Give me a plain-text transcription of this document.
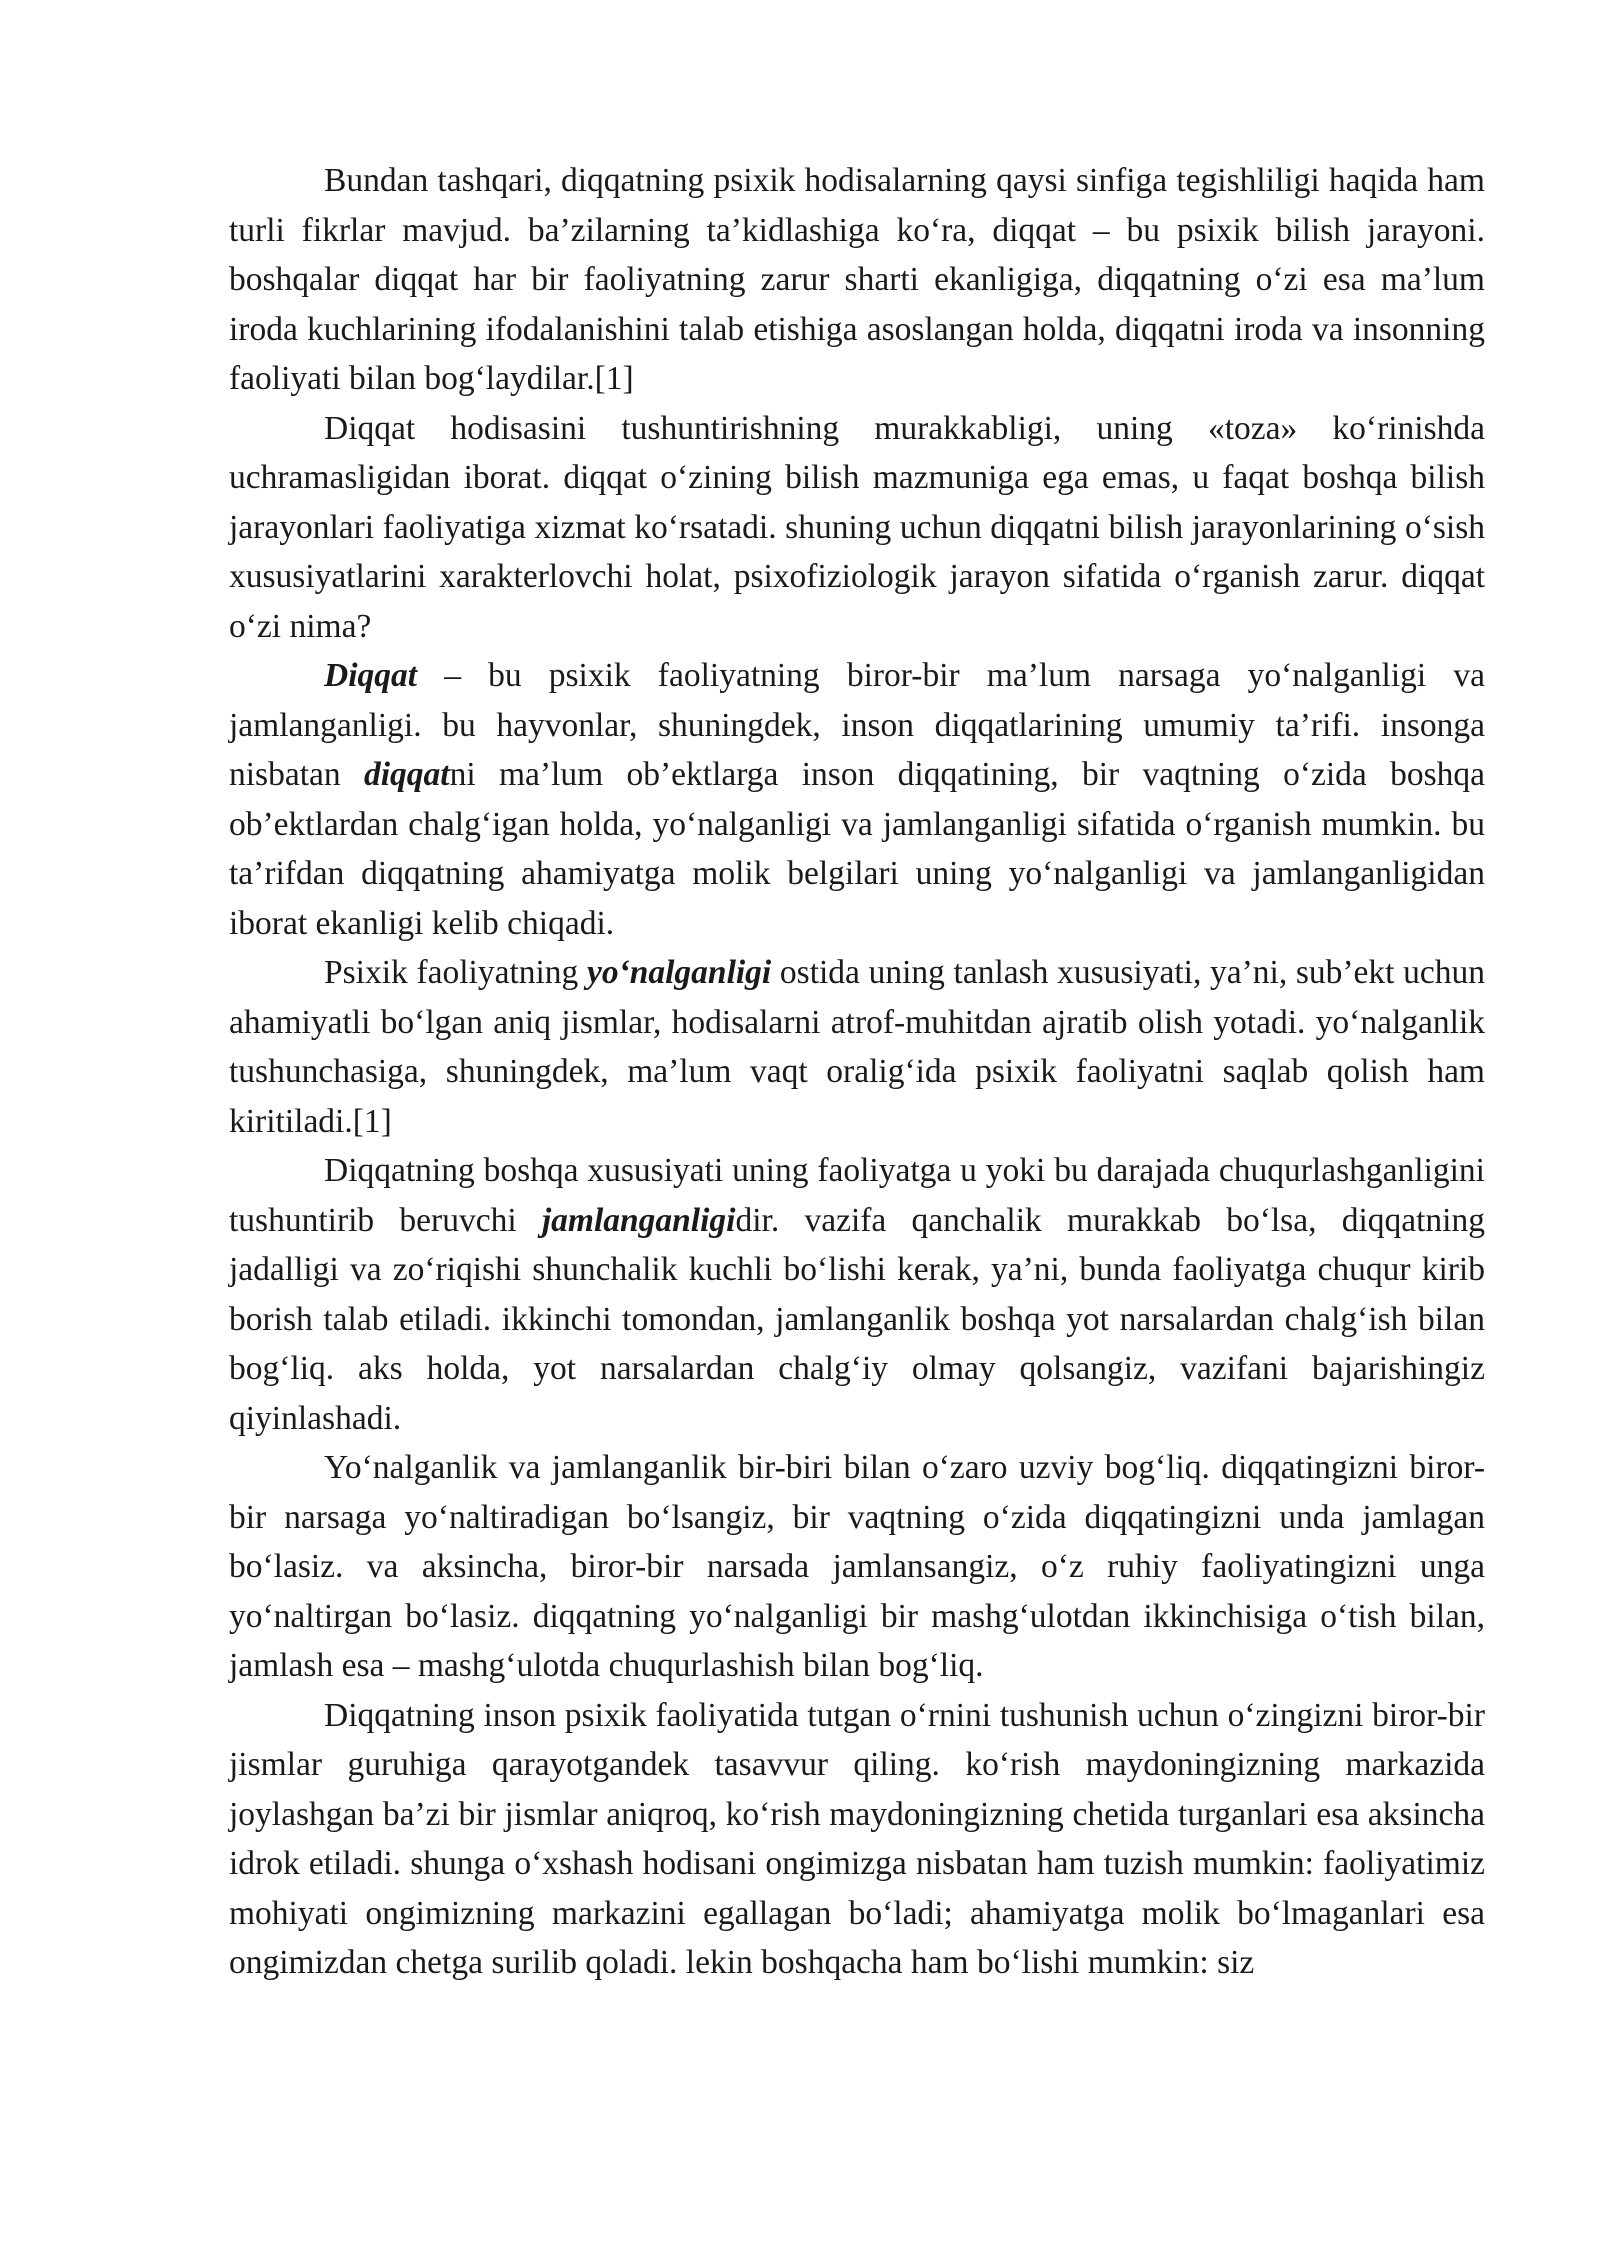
Bundan tashqari, diqqatning psixik hodisalarning qaysi sinfiga tegishliligi haqida ham turli fikrlar mavjud. ba’zilarning ta’kidlashiga ko‘ra, diqqat – bu psixik bilish jarayoni. boshqalar diqqat har bir faoliyatning zarur sharti ekanligiga, diqqatning o‘zi esa ma’lum iroda kuchlarining ifodalanishini talab etishiga asoslangan holda, diqqatni iroda va insonning faoliyati bilan bog‘laydilar.[1]

Diqqat hodisasini tushuntirishning murakkabligi, uning «toza» ko‘rinishda uchramasligidan iborat. diqqat o‘zining bilish mazmuniga ega emas, u faqat boshqa bilish jarayonlari faoliyatiga xizmat ko‘rsatadi. shuning uchun diqqatni bilish jarayonlarining o‘sish xususiyatlarini xarakterlovchi holat, psixofiziologik jarayon sifatida o‘rganish zarur. diqqat o‘zi nima?

Diqqat – bu psixik faoliyatning biror-bir ma’lum narsaga yo‘nalganligi va jamlanganligi. bu hayvonlar, shuningdek, inson diqqatlarining umumiy ta’rifi. insonga nisbatan diqqatni ma’lum ob’ektlarga inson diqqatining, bir vaqtning o‘zida boshqa ob’ektlardan chalg‘igan holda, yo‘nalganligi va jamlanganligi sifatida o‘rganish mumkin. bu ta’rifdan diqqatning ahamiyatga molik belgilari uning yo‘nalganligi va jamlanganligidan iborat ekanligi kelib chiqadi.

Psixik faoliyatning yo‘nalganligi ostida uning tanlash xususiyati, ya’ni, sub’ekt uchun ahamiyatli bo‘lgan aniq jismlar, hodisalarni atrof-muhitdan ajratib olish yotadi. yo‘nalganlik tushunchasiga, shuningdek, ma’lum vaqt oralig‘ida psixik faoliyatni saqlab qolish ham kiritiladi.[1]

Diqqatning boshqa xususiyati uning faoliyatga u yoki bu darajada chuqurlashganligini tushuntirib beruvchi jamlanganligidir. vazifa qanchalik murakkab bo‘lsa, diqqatning jadalligi va zo‘riqishi shunchalik kuchli bo‘lishi kerak, ya’ni, bunda faoliyatga chuqur kirib borish talab etiladi. ikkinchi tomondan, jamlanganlik boshqa yot narsalardan chalg‘ish bilan bog‘liq. aks holda, yot narsalardan chalg‘iy olmay qolsangiz, vazifani bajarishingiz qiyinlashadi.

Yo‘nalganlik va jamlanganlik bir-biri bilan o‘zaro uzviy bog‘liq. diqqatingizni biror-bir narsaga yo‘naltiradigan bo‘lsangiz, bir vaqtning o‘zida diqqatingizni unda jamlagan bo‘lasiz. va aksincha, biror-bir narsada jamlansangiz, o‘z ruhiy faoliyatingizni unga yo‘naltirgan bo‘lasiz. diqqatning yo‘nalganligi bir mashg‘ulotdan ikkinchisiga o‘tish bilan, jamlash esa – mashg‘ulotda chuqurlashish bilan bog‘liq.

Diqqatning inson psixik faoliyatida tutgan o‘rnini tushunish uchun o‘zingizni biror-bir jismlar guruhiga qarayotgandek tasavvur qiling. ko‘rish maydoningizning markazida joylashgan ba’zi bir jismlar aniqroq, ko‘rish maydoningizning chetida turganlari esa aksincha idrok etiladi. shunga o‘xshash hodisani ongimizga nisbatan ham tuzish mumkin: faoliyatimiz mohiyati ongimizning markazini egallagan bo‘ladi; ahamiyatga molik bo‘lmaganlari esa ongimizdan chetga surilib qoladi. lekin boshqacha ham bo‘lishi mumkin: siz
